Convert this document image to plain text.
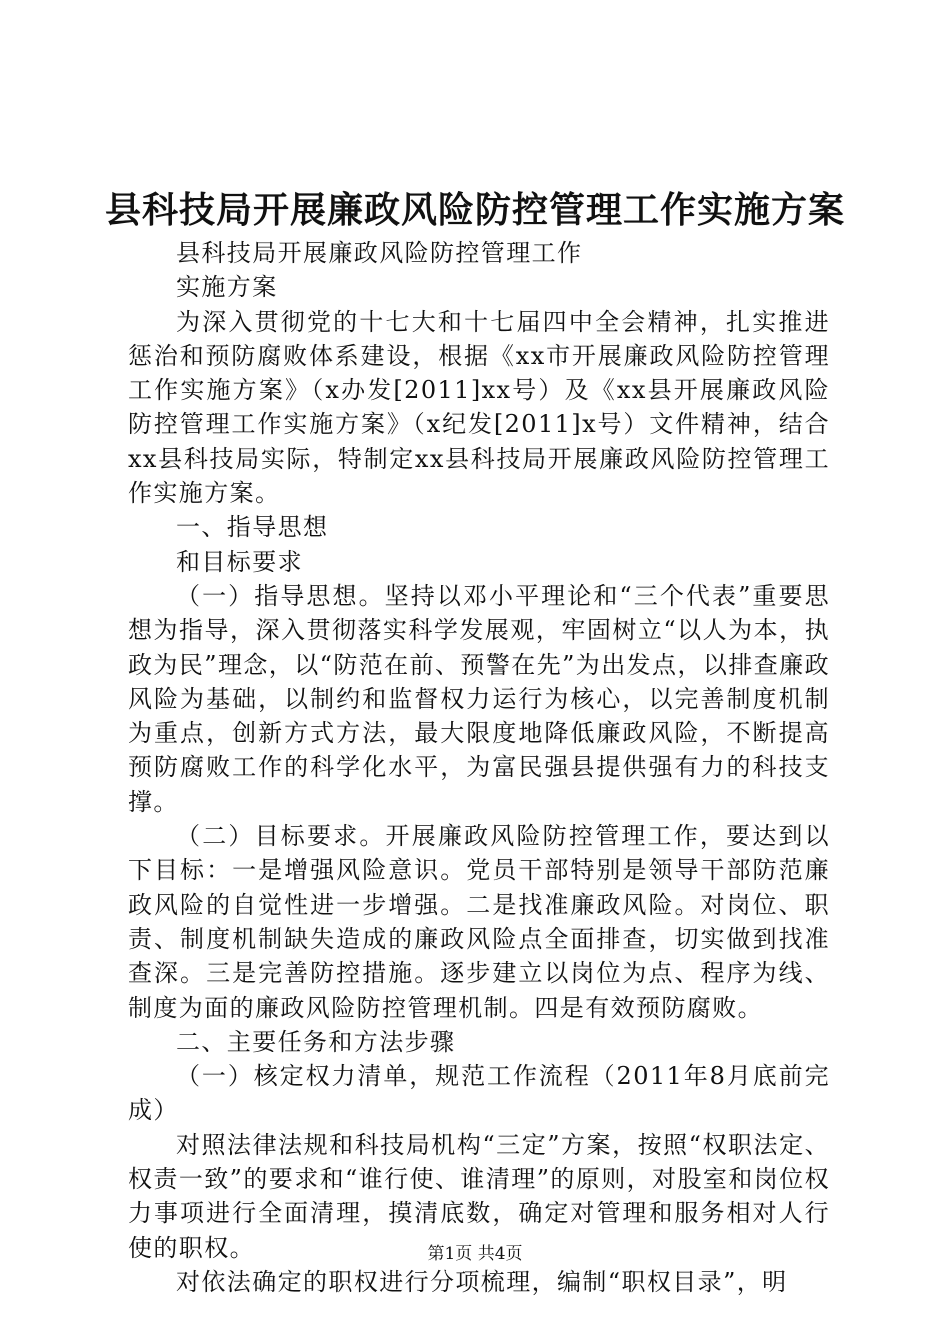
县科技局开展廉政风险防控管理工作实施方案

县科技局开展廉政风险防控管理工作

实施方案

为深入贯彻党的十七大和十七届四中全会精神，扎实推进惩治和预防腐败体系建设，根据《xx市开展廉政风险防控管理工作实施方案》（x办发[2011]xx号）及《xx县开展廉政风险防控管理工作实施方案》（x纪发[2011]x号）文件精神，结合xx县科技局实际，特制定xx县科技局开展廉政风险防控管理工作实施方案。

一、指导思想

和目标要求

（一）指导思想。坚持以邓小平理论和“三个代表”重要思想为指导，深入贯彻落实科学发展观，牢固树立“以人为本，执政为民”理念，以“防范在前、预警在先”为出发点，以排查廉政风险为基础，以制约和监督权力运行为核心，以完善制度机制为重点，创新方式方法，最大限度地降低廉政风险，不断提高预防腐败工作的科学化水平，为富民强县提供强有力的科技支撑。

（二）目标要求。开展廉政风险防控管理工作，要达到以下目标：一是增强风险意识。党员干部特别是领导干部防范廉政风险的自觉性进一步增强。二是找准廉政风险。对岗位、职责、制度机制缺失造成的廉政风险点全面排查，切实做到找准查深。三是完善防控措施。逐步建立以岗位为点、程序为线、制度为面的廉政风险防控管理机制。四是有效预防腐败。

二、主要任务和方法步骤

（一）核定权力清单，规范工作流程（2011年8月底前完成）

对照法律法规和科技局机构“三定”方案，按照“权职法定、权责一致”的要求和“谁行使、谁清理”的原则，对股室和岗位权力事项进行全面清理，摸清底数，确定对管理和服务相对人行使的职权。

对依法确定的职权进行分项梳理，编制“职权目录”，明

第1页 共4页
